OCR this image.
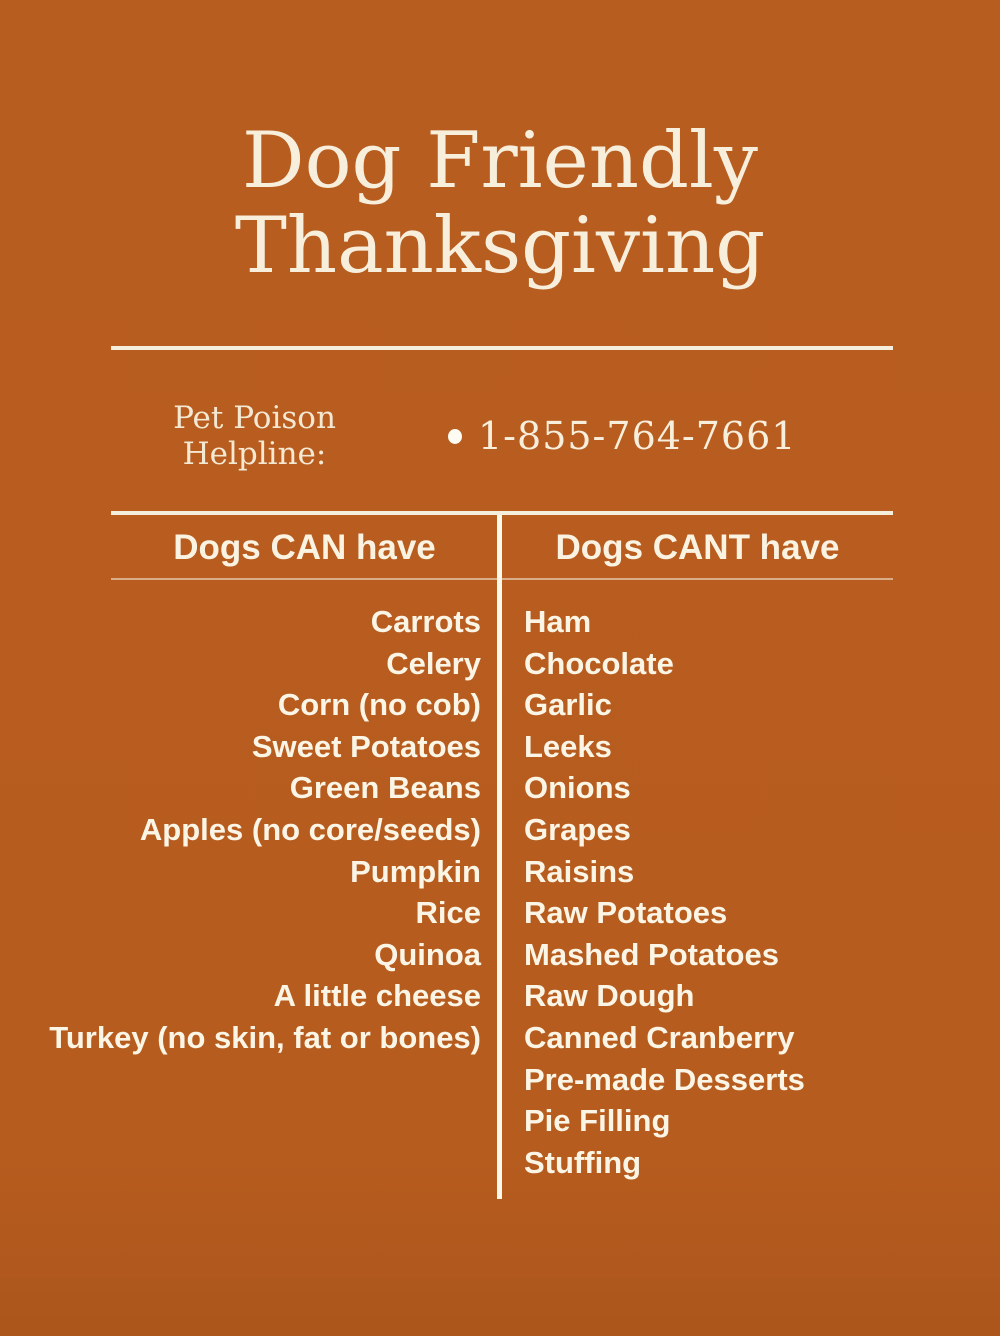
Dog Friendly
Thanksgiving
Pet Poison
Helpline:	1-855-764-7661
Dogs CAN have	Dogs CANT have
Carrots
Celery
Corn (no cob)
Sweet Potatoes
Green Beans
Apples (no core/seeds)
Pumpkin
Rice
Quinoa
A little cheese
Turkey (no skin, fat or bones)
Ham
Chocolate
Garlic
Leeks
Onions
Grapes
Raisins
Raw Potatoes
Mashed Potatoes
Raw Dough
Canned Cranberry
Pre-made Desserts
Pie Filling
Stuffing
